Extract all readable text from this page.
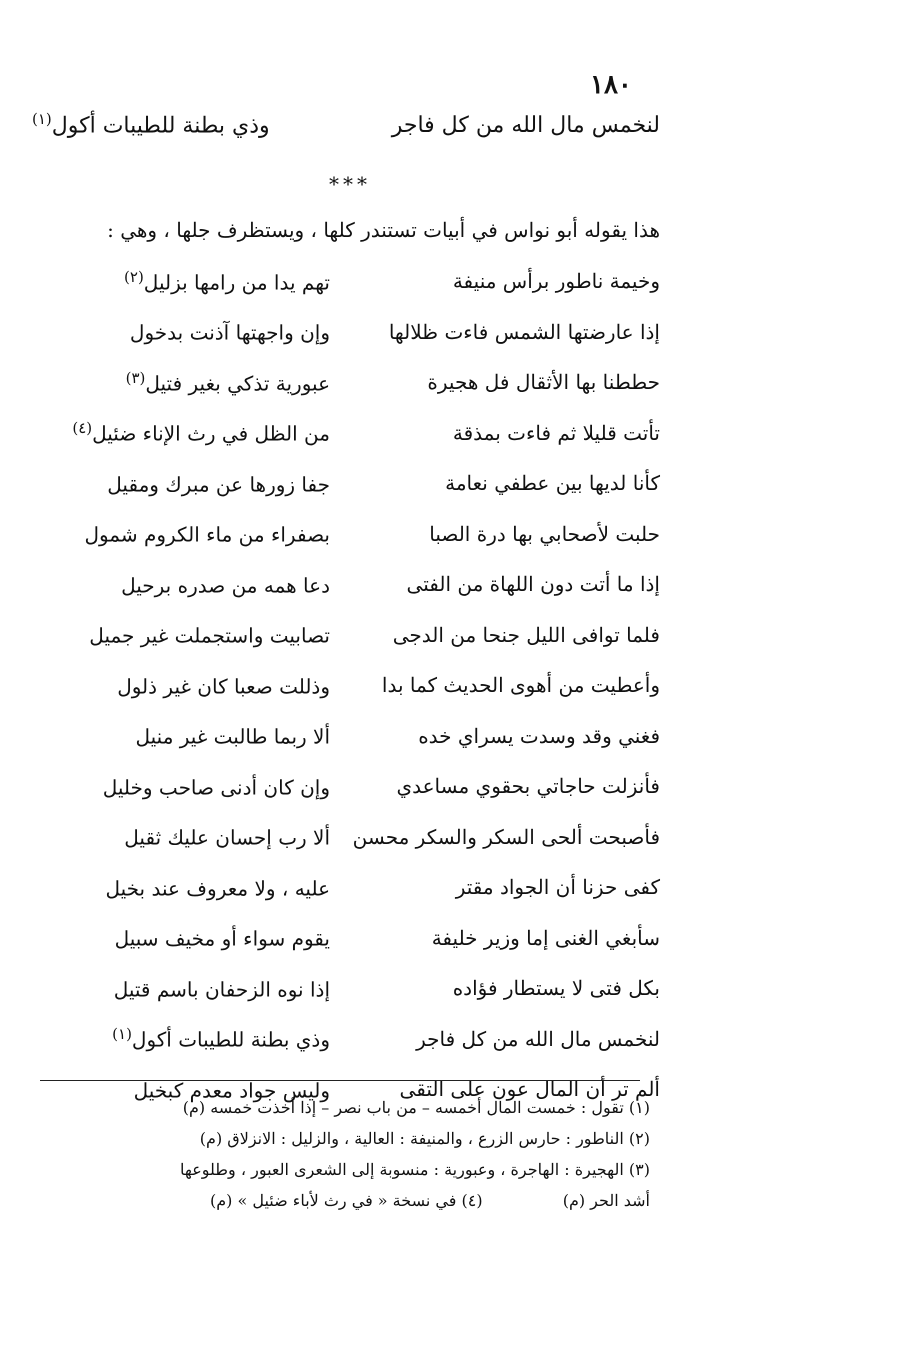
١٨٠
لنخمس مال الله من كل فاجر
وذي بطنة للطيبات أكول$^{(١)}$
***
هذا يقوله أبو نواس في أبيات تستندر كلها ، ويستظرف جلها ، وهي :
وخيمة ناطور برأس منيفة
تهم يدا من رامها بزليل$^{(٢)}$
إذا عارضتها الشمس فاءت ظلالها
وإن واجهتها آذنت بدخول
حططنا بها الأثقال فل هجيرة
عبورية تذكي بغير فتيل$^{(٣)}$
تأتت قليلا ثم فاءت بمذقة
من الظل في رث الإناء ضئيل$^{(٤)}$
كأنا لديها بين عطفي نعامة
جفا زورها عن مبرك ومقيل
حلبت لأصحابي بها درة الصبا
بصفراء من ماء الكروم شمول
إذا ما أتت دون اللهاة من الفتى
دعا همه من صدره برحيل
فلما توافى الليل جنحا من الدجى
تصابيت واستجملت غير جميل
وأعطيت من أهوى الحديث كما بدا
وذللت صعبا كان غير ذلول
فغني وقد وسدت يسراي خده
ألا ربما طالبت غير منيل
فأنزلت حاجاتي بحقوي مساعدي
وإن كان أدنى صاحب وخليل
فأصبحت ألحى السكر والسكر محسن
ألا رب إحسان عليك ثقيل
كفى حزنا أن الجواد مقتر
عليه ، ولا معروف عند بخيل
سأبغي الغنى إما وزير خليفة
يقوم سواء أو مخيف سبيل
بكل فتى لا يستطار فؤاده
إذا نوه الزحفان باسم قتيل
لنخمس مال الله من كل فاجر
وذي بطنة للطيبات أكول$^{(١)}$
ألم تر أن المال عون على التقى
وليس جواد معدم كبخيل
(١) تقول : خمست المال أخمسه – من باب نصر – إذا أخذت خمسه (م)
(٢) الناطور : حارس الزرع ، والمنيفة : العالية ، والزليل : الانزلاق (م)
(٣) الهجيرة : الهاجرة ، وعبورية : منسوبة إلى الشعرى العبور ، وطلوعها
أشد الحر (م)
(٤) في نسخة « في رث لأباء ضئيل » (م)
